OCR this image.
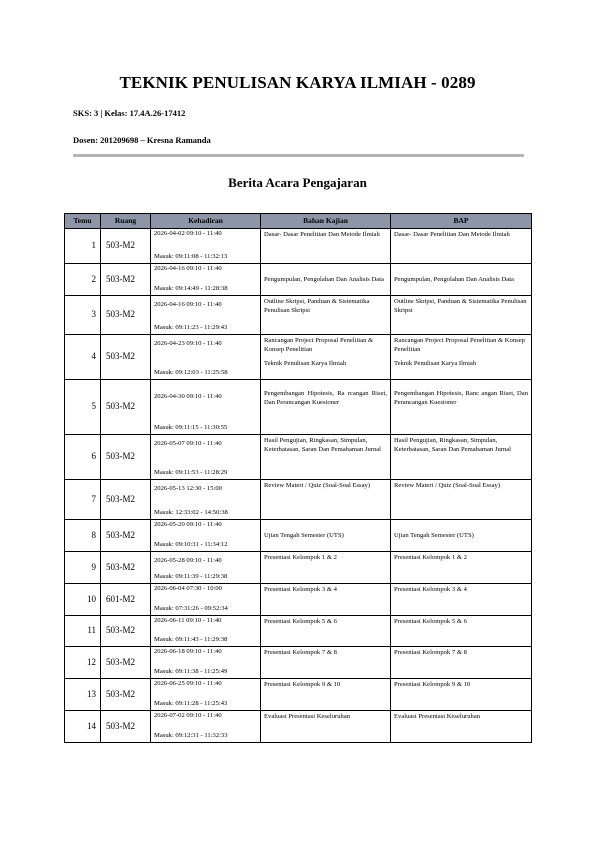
TEKNIK PENULISAN KARYA ILMIAH - 0289

SKS: 3 | Kelas: 17.4A.26-17412

Dosen: 201209698 – Kresna Ramanda

Berita Acara Pengajaran
Temu	Ruang	Kehadiran	Bahan Kajian	BAP
1	503-M2	2026-04-02 09:10 - 11:40
Masuk: 09:11:08 - 11:32:13	Dasar- Dasar Penelitian Dan Metode Ilmiah	Dasar- Dasar Penelitian Dan Metode Ilmiah
2	503-M2	2026-04-16 09:10 - 11:40
Masuk: 09:14:49 - 11:28:38	Pengumpulan, Pengolahan Dan Analisis Data	Pengumpulan, Pengolahan Dan Analisis Data

3	503-M2	2026-04-16 09:10 - 11:40
Masuk: 09:11:23 - 11:29:43	Outline Skripsi, Panduan & Sistematika Penulisan Skripsi	Outline Skripsi, Panduan & Sistematika Penulisan Skripsi
4	503-M2	2026-04-23 09:10 - 11:40
Masuk: 09:12:03 - 11:25:58	Rancangan Project Proposal Penelitian & Konsep Penelitian
Teknik Penulisan Karya Ilmiah	Rancangan Project Proposal Penelitian & Konsep Penelitian
Teknik Penulisan Karya Ilmiah

5	503-M2	2026-04-30 09:10 - 11:40
Masuk: 09:11:15 - 11:30:55	Pengembangan Hipotesis, Ra rcangan Riset, Dan Perancangan Kuesioner	Pengembangan Hipotesis, Ranc angan Riset, Dan Perancangan Kuesioner
6	503-M2	2026-05-07 09:10 - 11:40
Masuk: 09:11:53 - 11:28:29	Hasil Pengujian, Ringkasan, Simpulan, Keterbatasan, Saran Dan Pemahaman Jurnal	Hasil Pengujian, Ringkasan, Simpulan, Keterbatasan, Saran Dan Pemahaman Jurnal
7	503-M2	2026-05-13 12:30 - 15:00
Masuk: 12:33:02 - 14:50:38	Review Materi / Quiz (Soal-Soal Essay)	Review Materi / Quiz (Soal-Soal Essay)
8	503-M2	2026-05-20 09:10 - 11:40
Masuk: 09:10:31 - 11:34:12	Ujian Tengah Semester (UTS)	Ujian Tengah Semester (UTS)
9	503-M2	2026-05-28 09:10 - 11:40
Masuk: 09:11:39 - 11:29:38	Presentasi Kelompok 1 & 2	Presentasi Kelompok 1 & 2
10	601-M2	2026-06-04 07:30 - 10:00
Masuk: 07:31:26 - 09:52:34	Presentasi Kelompok 3 & 4	Presentasi Kelompok 3 & 4
11	503-M2	2026-06-11 09:10 - 11:40
Masuk: 09:11:43 - 11:29:38	Presentasi Kelompok 5 & 6	Presentasi Kelompok 5 & 6
12	503-M2	2026-06-18 09:10 - 11:40
Masuk: 09:11:38 - 11:25:49	Presentasi Kelompok 7 & 8	Presentasi Kelompok 7 & 8
13	503-M2	2026-06-25 09:10 - 11:40
Masuk: 09:11:28 - 11:25:43	Presentasi Kelompok 9 & 10	Presentasi Kelompok 9 & 10
14	503-M2	2026-07-02 09:10 - 11:40
Masuk: 09:12:31 - 11:32:33	Evaluasi Presentasi Keseluruhan	Evaluasi Presentasi Keseluruhan
